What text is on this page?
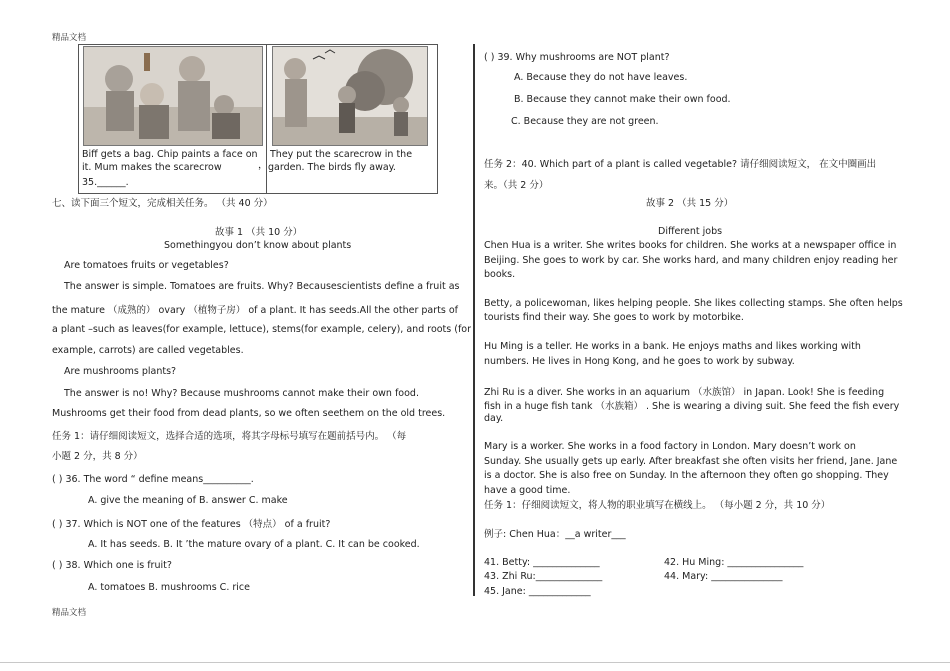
精品文档
Biff gets a bag. Chip paints a face on
it. Mum makes the scarecrow
35.______.
，
They put the scarecrow in the
garden. The birds fly away.
七、读下面三个短文，完成相关任务。 （共 40 分）
故事 1 （共 10 分）
Somethingyou don’t know about plants
Are tomatoes fruits or vegetables?
The answer is simple. Tomatoes are fruits. Why? Becausescientists define a fruit as
the mature （成熟的） ovary （植物子房） of a plant. It has seeds.All the other parts of
a plant –such as leaves(for example, lettuce), stems(for example, celery), and roots (for
example, carrots) are called vegetables.
Are mushrooms plants?
The answer is no! Why? Because mushrooms cannot make their own food.
Mushrooms get their food from dead plants, so we often seethem on the old trees.
任务 1：请仔细阅读短文，选择合适的选项，将其字母标号填写在题前括号内。 （每
小题 2 分，共 8 分）
( ) 36. The word “ define means__________.
A. give the meaning of B. answer C. make
( ) 37. Which is NOT one of the features （特点） of a fruit?
A. It has seeds. B. It ’the mature ovary of a plant. C. It can be cooked.
( ) 38. Which one is fruit?
A. tomatoes B. mushrooms C. rice
精品文档
( ) 39. Why mushrooms are NOT plant?
A. Because they do not have leaves.
B. Because they cannot make their own food.
C. Because they are not green.
任务 2：40. Which part of a plant is called vegetable? 请仔细阅读短文， 在文中圈画出
来。（共 2 分）
故事 2 （共 15 分）
Different jobs
Chen Hua is a writer. She writes books for children. She works at a newspaper office in
Beijing. She goes to work by car. She works hard, and many children enjoy reading her
books.
Betty, a policewoman, likes helping people. She likes collecting stamps. She often helps
tourists find their way. She goes to work by motorbike.
Hu Ming is a teller. He works in a bank. He enjoys maths and likes working with
numbers. He lives in Hong Kong, and he goes to work by subway.
Zhi Ru is a diver. She works in an aquarium （水族馆） in Japan. Look! She is feeding
fish in a huge fish tank （水族箱） . She is wearing a diving suit. She feed the fish every
day.
Mary is a worker. She works in a food factory in London. Mary doesn’t work on
Sunday. She usually gets up early. After breakfast she often visits her friend, Jane. Jane
is a doctor. She is also free on Sunday. In the afternoon they often go shopping. They
have a good time.
任务 1：仔细阅读短文，将人物的职业填写在横线上。 （每小题 2 分，共 10 分）
例子: Chen Hua：__a writer___
41. Betty: ______________	42. Hu Ming: ________________
43. Zhi Ru:______________	44. Mary: _______________
45. Jane: _____________
